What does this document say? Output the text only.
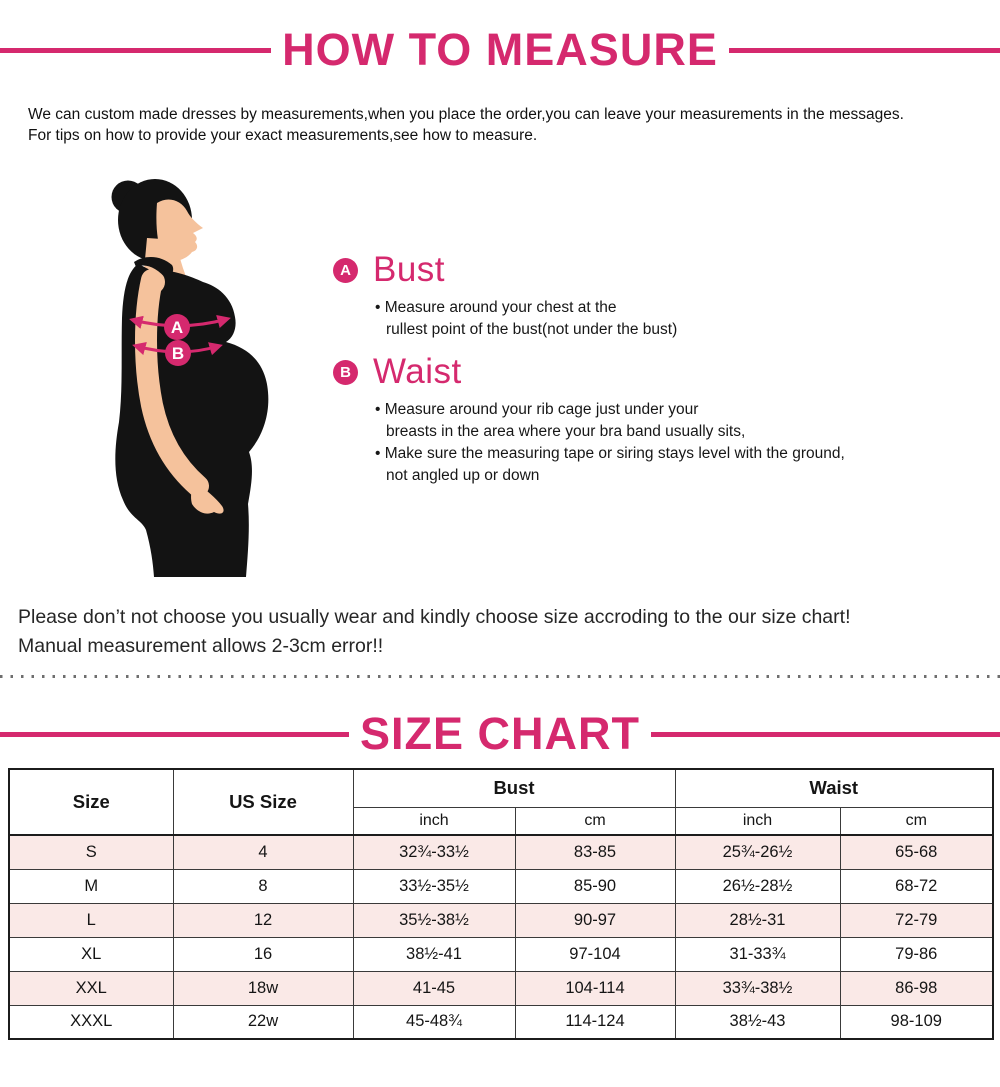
HOW TO MEASURE

We can custom made dresses by measurements,when you place the order,you can leave your measurements in the messages.
For tips on how to provide your exact measurements,see how to measure.

A
B
A Bust
• Measure around your chest at the
rullest point of the bust(not under the bust)
B Waist
• Measure around your rib cage just under your
breasts in the area where your bra band usually sits,
• Make sure the measuring tape or siring stays level with the ground,
not angled up or down

Please don’t not choose you usually wear and kindly choose size accroding to the our size chart!
Manual measurement allows 2-3cm error!!

SIZE CHART
Size	US Size	Bust		Waist	
		inch	cm	inch	cm
S	4	32¾-33½	83-85	25¾-26½	65-68
M	8	33½-35½	85-90	26½-28½	68-72
L	12	35½-38½	90-97	28½-31	72-79
XL	16	38½-41	97-104	31-33¾	79-86
XXL	18w	41-45	104-114	33¾-38½	86-98
XXXL	22w	45-48¾	114-124	38½-43	98-109
